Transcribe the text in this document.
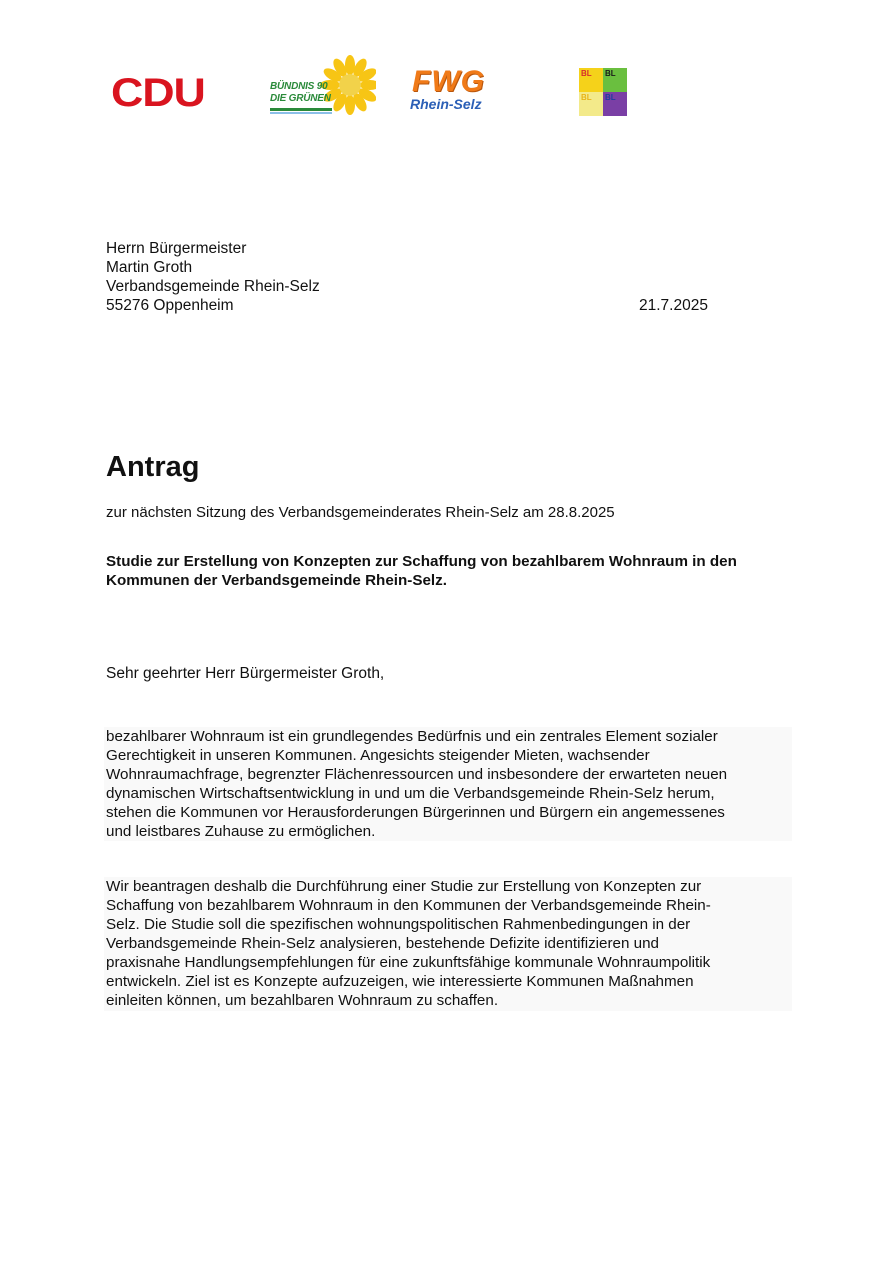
CDU	BÜNDNIS 90
DIE GRÜNEN
FWG
Rhein-Selz
BL	BL
BL	BL
Herrn Bürgermeister
Martin Groth
Verbandsgemeinde Rhein-Selz
55276 Oppenheim	21.7.2025
Antrag
zur nächsten Sitzung des Verbandsgemeinderates Rhein-Selz am 28.8.2025
Studie zur Erstellung von Konzepten zur Schaffung von bezahlbarem Wohnraum in den Kommunen der Verbandsgemeinde Rhein-Selz.
Sehr geehrter Herr Bürgermeister Groth,
bezahlbarer Wohnraum ist ein grundlegendes Bedürfnis und ein zentrales Element sozialer
Gerechtigkeit in unseren Kommunen. Angesichts steigender Mieten, wachsender
Wohnraumachfrage, begrenzter Flächenressourcen und insbesondere der erwarteten neuen
dynamischen Wirtschaftsentwicklung in und um die Verbandsgemeinde Rhein-Selz herum,
stehen die Kommunen vor Herausforderungen Bürgerinnen und Bürgern ein angemessenes
und leistbares Zuhause zu ermöglichen.
Wir beantragen deshalb die Durchführung einer Studie zur Erstellung von Konzepten zur
Schaffung von bezahlbarem Wohnraum in den Kommunen der Verbandsgemeinde Rhein-
Selz. Die Studie soll die spezifischen wohnungspolitischen Rahmenbedingungen in der
Verbandsgemeinde Rhein-Selz analysieren, bestehende Defizite identifizieren und
praxisnahe Handlungsempfehlungen für eine zukunftsfähige kommunale Wohnraumpolitik
entwickeln. Ziel ist es Konzepte aufzuzeigen, wie interessierte Kommunen Maßnahmen
einleiten können, um bezahlbaren Wohnraum zu schaffen.
